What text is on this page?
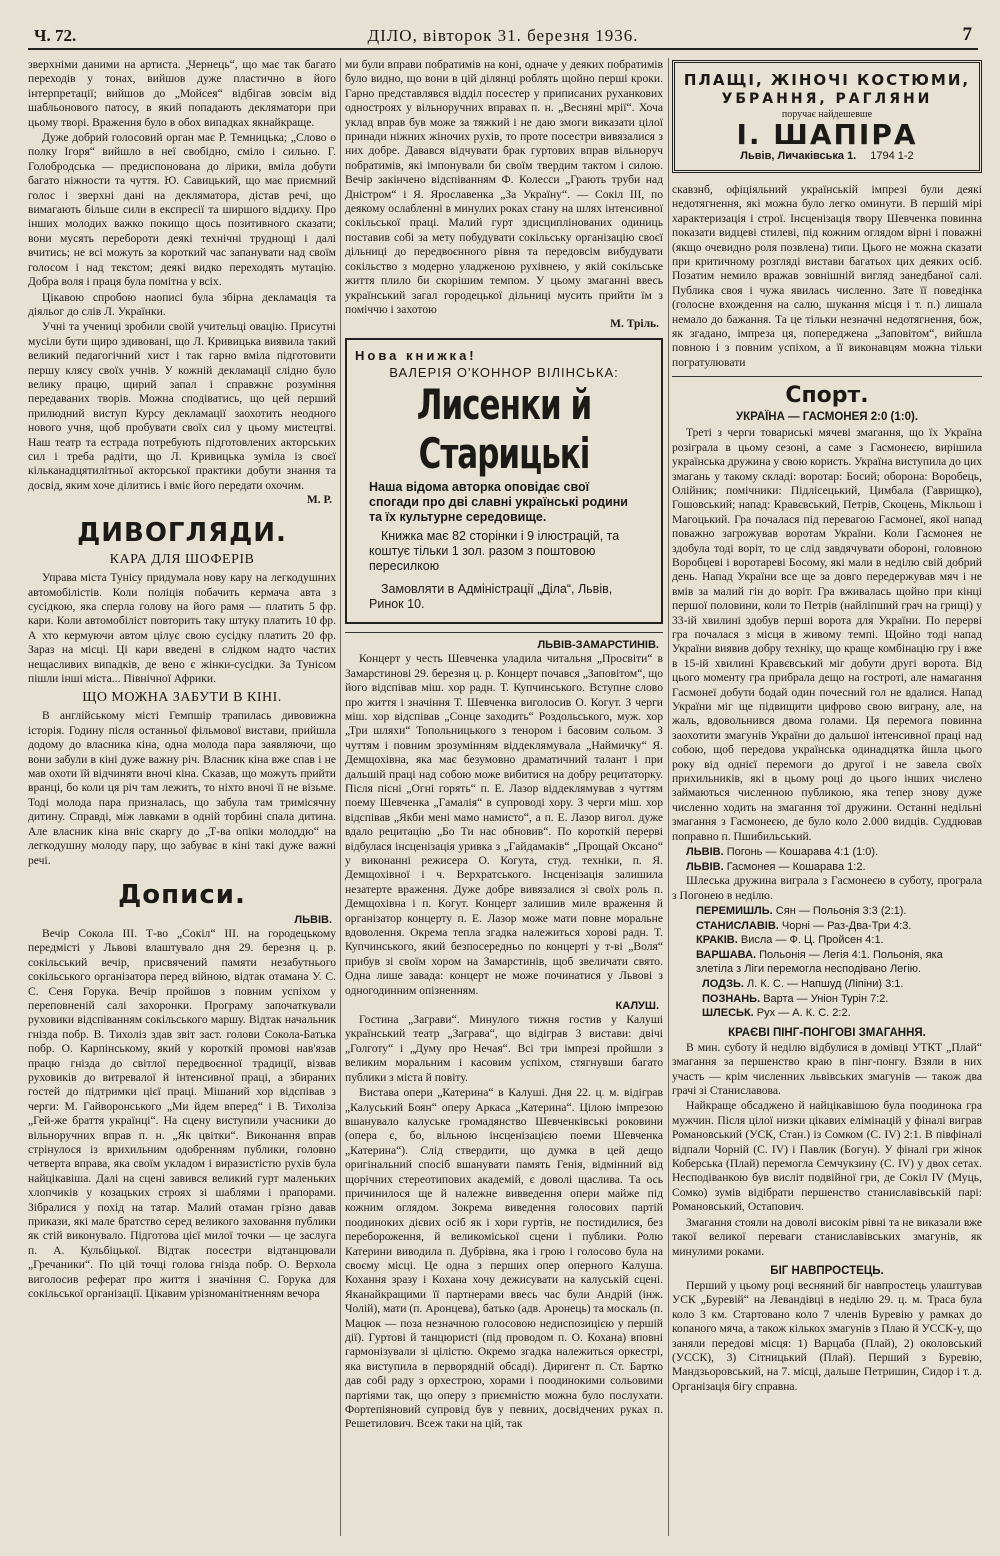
Ч. 72.	ДІЛО, вівторок 31. березня 1936.	7

зверхніми даними на артиста. „Чернець“, що має так багато переходів у тонах, вийшов дуже пластично в його інтерпретації; вийшов до „Мойсея“ відбігав зовсім від шабльонового патосу, в який попадають декляматори при цьому творі. Враження було в обох випадках якнайкраще.

Дуже добрий голосовий орган має Р. Темницька; „Слово о полку Ігоря“ вийшло в неї свобідно, сміло і сильно. Г. Голобродська — предиспонована до лірики, вміла добути багато ніжности та чуття. Ю. Савицький, що має приємний голос і зверхні дані на декляматора, дістав речі, що вимагають більше сили в експресії та ширшого віддиху. Про інших молодих важко покищо щось позитивного сказати; вони мусять перебороти деякі технічні труднощі і далі вчитись; не всі можуть за короткий час запанувати над своїм голосом і над текстом; деякі видко переходять мутацію. Добра воля і праця була помітна у всіх.

Цікавою спробою наописі була збірна декламація та діяльог до слів Л. Українки.

Учні та учениці зробили своїй учительці овацію. Присутні мусіли бути щиро здивовані, що Л. Кривицька виявила такий великий педагогічний хист і так гарно вміла підготовити першу кляcу своїх учнів. У кожній декламації слідно було велику працю, щирий запал і справжнє розуміння передаваних творів. Можна сподіватись, що цей перший прилюдний виступ Курсу декламації заохотить неодного нового учня, щоб пробувати своїх сил у цьому мистецтві. Наш театр та естрада потребують підготовлених акторських сил і треба радіти, що Л. Кривицька зуміла із своєї кільканадцятилітньої акторської практики добути знання та досвід, яким хоче ділитись і вміє його передати охочим.

М. Р.
ДИВОГЛЯДИ.
КАРА ДЛЯ ШОФЕРІВ

Управа міста Тунісу придумала нову кару на легкодушних автомобілістів. Коли поліція побачить кермача авта з сусідкою, яка сперла голову на його рамя — платить 5 фр. кари. Коли автомобіліст повторить таку штуку платить 10 фр. А хто кермуючи автом цілує свою сусідку платить 20 фр. Зараз на місці. Ці кари введені в слідком надто частих нещасливих випадків, де вено є жінки-сусідки. За Тунісом пішли інші міста... Північної Африки.

ЩО МОЖНА ЗАБУТИ В КІНІ.

В англійському місті Гемпшір трапилась дивовижна історія. Годину після останньої фільмової вистави, прийшла додому до власника кіна, одна молода пара заявляючи, що вони забули в кіні дуже важну річ. Власник кіна вже спав і не мав охоти їй відчиняти вночі кіна. Сказав, що можуть прийти вранці, бо коли ця річ там лежить, то ніхто вночі її не візьме. Тоді молода пара призналась, що забула там тримісячну дитину. Справді, між лавками в одній торбині спала дитина. Але власник кіна вніс скаргу до „Т-ва опіки молоддю“ на легкодушну молоду пару, що забуває в кіні такі дуже важні речі.

Дописи.
ЛЬВІВ.

Вечір Сокола ІІІ. Т-во „Сокіл“ ІІІ. на городецькому передмісті у Львові влаштувало дня 29. березня ц. р. сокільський вечір, присвячений памяти незабутнього сокільського організатора перед війною, відтак отамана У. С. С. Сеня Горука. Вечір пройшов з повним успіхом у переповненій салі захоронки. Програму започаткували руховики відспіванням сокільського маршу. Відтак начальник гнізда побр. В. Тихоліз здав звіт заст. голови Сокола-Батька побр. О. Карпінському, який у короткій промові нав'язав працю гнізда до світлої передвоєнної традиції, візвав руховиків до витревалої й інтенсивної праці, а збираних гостей до підтримки цієї праці. Мішаний хор відспівав з черги: М. Гайворонського „Ми йдем вперед“ і В. Тихоліза „Гей-же браття українці“. На сцену виступили учасники до вільноручних вправ п. н. „Як цвітки“. Виконання вправ стрінулося із врихильним одобренням публики, головно четверта вправа, яка своїм укладом і виразистістю рухів була найцікавіша. Далі на сцені завився великий гурт маленьких хлопчиків у козацьких строях зі шаблями і прапорами. Зібралися у похід на татар. Малий отаман грізно давав прикази, які мале братство серед великого заховання публики як стій виконувало. Підготова цієї милої точки — це заслуга п. А. Кульбіцької. Відтак посестри відтанцювали „Гречаники“. По цій точці голова гнізда побр. О. Верхола виголосив реферат про життя і значіння С. Горука для сокільської організації. Цікавим урізноманітненням вечора

ми були вправи побратимів на коні, одначе у деяких побратимів було видно, що вони в цій ділянці роблять щойно перші кроки. Гарно представлявся відділ посестер у приписаних руханкових однострoях у вільноручних вправах п. н. „Весняні мрії“. Хоча уклад вправ був може за тяжкий і не даю змоги виказати цілої принади ніжних жіночих рухів, то проте посестри вивязалися з них добре. Давався відчувати брак гуртових вправ вільноруч побратимів, які імпонували би своїм твердим тактом і силою. Вечір закінчено відспіванням Ф. Колесси „Грають труби над Дністром“ і Я. Ярославенка „За Україну“. — Сокіл ІІІ, по деякому ослабленні в минулих роках стану на шлях інтенсивної сокільської праці. Малий гурт здисциплінованих одиниць поставив собі за мету побудувати сокільську організацію своєї дільниці до передвоєнного рівня та передовсім вибудувати сокільство з модерно уладженою рухівнею, у якій сокільське життя плило би скорішим темпом. У цьому змаганні ввесь український загал городецької дільниці мусить прийти їм з поміччю і захотою

М. Тріль.
Нова книжка!
ВАЛЕРІЯ О'КОННОР ВІЛІНСЬКА:
Лисенки й Старицькі
Наша відома авторка оповідає свої спогади про дві славні українські родини та їх культурне середовище.
Книжка має 82 сторінки і 9 ілюстрацій, та коштує тільки 1 зол. разом з поштовою пересилкою
Замовляти в Адміністрації „Діла“, Львів, Ринок 10.
ЛЬВІВ-ЗАМАРСТИНІВ.

Концерт у честь Шевченка уладила читальня „Просвіти“ в Замарстинові 29. березня ц. р. Концерт почався „Заповітом“, що його відспівав міш. хор радн. Т. Купчинського. Вступне слово про життя і значіння Т. Шевченка виголосив О. Когут. З черги міш. хор відспівав „Сонце заходить“ Роздольського, муж. хор „Три шляхи“ Топольницького з тенором і басовим сольом. З чуттям і повним зрозумінням віддеклямувала „Наймичку“ Я. Демщохівна, яка має безумовно драматичний талант і при дальшій праці над собою може вибитися на добру рецитаторку. Після пісні „Огні горять“ п. Е. Лазор віддеклямував з чуттям поему Шевченка „Гамалія“ в супроводі хору. З черги міш. хор відспівав „Якби мені мамо намисто“, а п. Е. Лазор вигол. дуже вдало рецитацію „Бо Ти нас обновив“. По короткій перерві відбулася інсценізація уривка з „Гайдамаків“ „Прощай Оксано“ у виконанні режисера О. Когута, студ. техніки, п. Я. Демщохівної і ч. Верхратського. Інсценізація залишила незатерте враження. Дуже добре вивязалися зі своїх роль п. Демщохівна і п. Когут. Концерт залишив миле враження й організатор концерту п. Е. Лазор може мати повне моральне вдоволення. Окрема тепла згадка належиться хорові радн. Т. Купчинського, який безпосередньо по концерті у т-ві „Воля“ прибув зі своїм хором на Замарстинів, щоб звеличати свято. Одна лише завада: концерт не може починатися у Львові з одногодинним опізненням.

КАЛУШ.

Гостина „Заграви“. Минулого тижня гостив у Калуші український театр „Заграва“, що відіграв 3 вистави: двічі „Голготу“ і „Думу про Нечая“. Всі три імпрезі пройшли з великим моральним і касовим успіхом, стягнувши багато публики з міста й повіту.

Вистава опери „Катерина“ в Калуші. Дня 22. ц. м. відіграв „Калуський Боян“ оперу Аркаса „Катерина“. Цілою імпрезою вшанувало калуське громадянство Шевченківські роковини (опера є, бо, вільною інсценізацією поеми Шевченка „Катерина“). Слід ствердити, що думка в цей дещо оригінальний спосіб вшанувати память Генія, відмінний від щорічних стереотипових академій, є доволі щаслива. Та ось причинилося ще й належне вивведення опери майже під кожним оглядом. Зокрема виведення голосових партій поодиноких дієвих осіб як і хори гуртів, не постидилися, без перебороження, й великоміської сцени і публики. Ролю Катерини виводила п. Дубрівна, яка і грою і голосово була на своєму місці. Це одна з перших опер оперного Калуша. Кохання зразу і Кохана хочу дежисувати на калуській сцені. Яканайкращими її партнерами ввесь час були Андрій (інж. Чолій), мати (п. Аронцева), батько (адв. Аронець) та москаль (п. Мацюк — поза незначною голосовою недиспозицією у першій дії). Гуртові й танцюристі (під проводом п. О. Кохана) вповні гармонізували зі цілістю. Окремо згадка належиться оркестрі, яка виступила в перворядній обсаді). Диригент п. Ст. Бартко дав собі раду з орхестрою, хорами і поодинокими сольовими партіями так, що оперу з приємністю можна було послухати. Фортепіяновий супровід був у певних, досвідчених руках п. Решетилович. Всеж таки на цій, так

ПЛАЩІ, ЖІНОЧІ КОСТЮМИ,
УБРАННЯ, РАГЛЯНИ
поручає найдешевше
І. ШАПІРА
Львів, Личаківська 1. 1794 1-2

скавзнб, офіціяльний українській імпрезі були деякі недотягнення, які можна було легко оминути. В першій мірі характеризація і строї. Інсценізація твору Шевченка повинна показати видцеві стилеві, під кожним оглядом вірні і поважні (якщо очевидно роля позвлена) типи. Цього не можна сказати при критичному розгляді вистави багатьох цих деяких осіб. Позатим немило вражав зовнішній вигляд занедбаної салі. Публика своя і чужа явилась численно. Зате її поведінка (голосне вхождення на салю, шукання місця і т. п.) лишала немало до бажання. Та це тільки незначні недотягнення, бож, як згадано, імпреза ця, попереджена „Заповітом“, вийшла повною і з повним успіхом, а її виконавцям можна тільки погратулювати

Спорт.
УКРАЇНА — ГАСМОНЕЯ 2:0 (1:0).

Треті з черги товариські мячеві змагання, що їх Україна розіграла в цьому сезоні, а саме з Гасмонеєю, вирішила українська дружина у свою користь. Україна виступила до цих змагань у такому складі: воротар: Босий; оборона: Воробець, Олійник; помічники: Підлісецький, Цимбала (Гаврищко), Гошовський; напад: Кравєвський, Петрів, Скоцень, Мікльош і Магоцький. Гра почалася під перевагою Гасмонеї, якої напад поважно загрожував воротам України. Коли Гасмонея не здобула тоді ворiт, то це слід завдячувати обороні, головною Воробцеві і воротареві Босому, які мали в неділю свій добрий день. Напад України все ще за довго передержував мяч і не вмів за малий гін до ворiт. Гра вживалась щойно при кінці першої половини, коли то Петрів (найліпший грач на грищі) у 33-ій хвилині здобув перші ворота для України. По перерві гра почалася з місця в живому темпі. Щойно тоді напад України виявив добру техніку, що краще комбінацію гру і вже в 15-ій хвилині Кравєвський міг добути другі ворота. Від цього моменту гра прибрала дещо на гостроті, але намагання Гасмонеї добути бодай один почесний гол не вдалися. Напад України міг ще підвищити цифрово свою виграну, але, на жаль, вдовольнився двома голами. Ця перемога повинна заохотити змагунів України до дальшої інтенсивної праці над собою, щоб передова українська одинадцятка йшла цього року від однієї перемоги до другої і не завела своїх прихильників, які в цьому році до цього інших числено займаються численною публикою, яка тепер знову дуже численно ходить на змагання тої дружини. Останні недільні змагання з Гасмонеєю, де було коло 2.000 видців. Суддював поправно п. Пшибильський.

ЛЬВІВ. Погонь — Кошарава 4:1 (1:0).
ЛЬВІВ. Гасмонея — Кошарава 1:2.

Шлеська дружина виграла з Гасмонеєю в суботу, програла з Погонею в неділю.

ПЕРЕМИШЛЬ. Сян — Польонія 3:3 (2:1).
СТАНИСЛАВІВ. Чорні — Раз-Два-Три 4:3.
КРАКІВ. Висла — Ф. Ц. Пройсен 4:1.
ВАРШАВА. Польонія — Легія 4:1. Польонія, яка злетіла з Ліги перемогла несподівано Легію.
ЛОДЗЬ. Л. К. С. — Напшуд (Ліпіни) 3:1.
ПОЗНАНЬ. Варта — Уніон Турін 7:2.
ШЛЕСЬК. Рух — А. К. С. 2:2.
КРАЄВІ ПІНГ-ПОНГОВІ ЗМАГАННЯ.

В мин. суботу й неділю відбулися в домівці УТКТ „Плай“ змагання за першенство краю в пінг-понгу. Взяли в них участь — крім численних львівських змагунів — також два грачі зі Станиславова.

Найкраще обсаджено й найцікавішою була поодинока гра мужчин. Після цілої низки цікавих елімінацій у фіналі виграв Романовський (УСК, Стан.) із Сомком (С. IV) 2:1. В півфіналі відпали Чорній (С. IV) і Павлик (Богун). У фіналі гри жінок Коберська (Плай) перемогла Семчукзину (С. IV) у двох сетах. Несподіванкою був висліт подвійної гри, де Сокіл IV (Муць, Сомко) зумів відібрати першенство станиславівській парі: Романовський, Остапович.

Змагання стояли на доволі високім рівні та не виказали вже такої великої переваги станиславівських змагунів, як минулими роками.

БІГ НАВПРОСТЕЦЬ.

Перший у цьому році весняний біг навпростець улаштував УСК „Буревій“ на Левандівці в неділю 29. ц. м. Траса була коло 3 км. Стартовано коло 7 членів Буревію у рамках до копаного мяча, а також кількох змагунів з Плаю й УССК-у, що заняли передові місця: 1) Варцаба (Плай), 2) околовський (УССК), 3) Сітницький (Плай). Перший з Буревію, Мандзьоровський, на 7. місці, дальше Петришин, Сидор і т. д. Організація бігу справна.
